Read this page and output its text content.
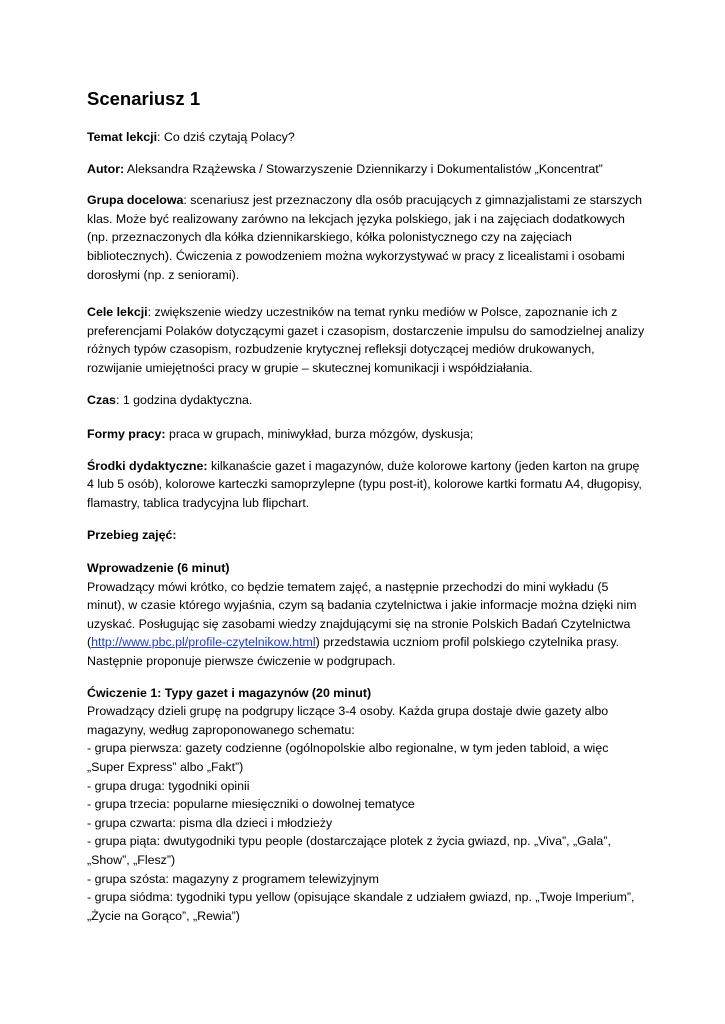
Scenariusz 1

Temat lekcji: Co dziś czytają Polacy?

Autor: Aleksandra Rzążewska / Stowarzyszenie Dziennikarzy i Dokumentalistów „Koncentrat”

Grupa docelowa: scenariusz jest przeznaczony dla osób pracujących z gimnazjalistami ze starszych klas. Może być realizowany zarówno na lekcjach języka polskiego, jak i na zajęciach dodatkowych (np. przeznaczonych dla kółka dziennikarskiego, kółka polonistycznego czy na zajęciach bibliotecznych). Ćwiczenia z powodzeniem można wykorzystywać w pracy z licealistami i osobami dorosłymi (np. z seniorami).

Cele lekcji: zwiększenie wiedzy uczestników na temat rynku mediów w Polsce, zapoznanie ich z preferencjami Polaków dotyczącymi gazet i czasopism, dostarczenie impulsu do samodzielnej analizy różnych typów czasopism, rozbudzenie krytycznej refleksji dotyczącej mediów drukowanych, rozwijanie umiejętności pracy w grupie – skutecznej komunikacji i współdziałania.

Czas: 1 godzina dydaktyczna.

Formy pracy: praca w grupach, miniwykład, burza mózgów, dyskusja;

Środki dydaktyczne: kilkanaście gazet i magazynów, duże kolorowe kartony (jeden karton na grupę 4 lub 5 osób), kolorowe karteczki samoprzylepne (typu post-it), kolorowe kartki formatu A4, długopisy, flamastry, tablica tradycyjna lub flipchart.

Przebieg zajęć:

Wprowadzenie (6 minut)

Prowadzący mówi krótko, co będzie tematem zajęć, a następnie przechodzi do mini wykładu (5 minut), w czasie którego wyjaśnia, czym są badania czytelnictwa i jakie informacje można dzięki nim uzyskać. Posługując się zasobami wiedzy znajdującymi się na stronie Polskich Badań Czytelnictwa (http://www.pbc.pl/profile-czytelnikow.html) przedstawia uczniom profil polskiego czytelnika prasy. Następnie proponuje pierwsze ćwiczenie w podgrupach.

Ćwiczenie 1: Typy gazet i magazynów (20 minut)

Prowadzący dzieli grupę na podgrupy liczące 3-4 osoby. Każda grupa dostaje dwie gazety albo magazyny, według zaproponowanego schematu:

- grupa pierwsza: gazety codzienne (ogólnopolskie albo regionalne, w tym jeden tabloid, a więc „Super Express” albo „Fakt”)
- grupa druga: tygodniki opinii
- grupa trzecia: popularne miesięczniki o dowolnej tematyce
- grupa czwarta: pisma dla dzieci i młodzieży
- grupa piąta: dwutygodniki typu people (dostarczające plotek z życia gwiazd, np. „Viva”, „Gala”, „Show”, „Flesz”)
- grupa szósta: magazyny z programem telewizyjnym
- grupa siódma: tygodniki typu yellow (opisujące skandale z udziałem gwiazd, np. „Twoje Imperium”, „Życie na Gorąco”, „Rewia”)
